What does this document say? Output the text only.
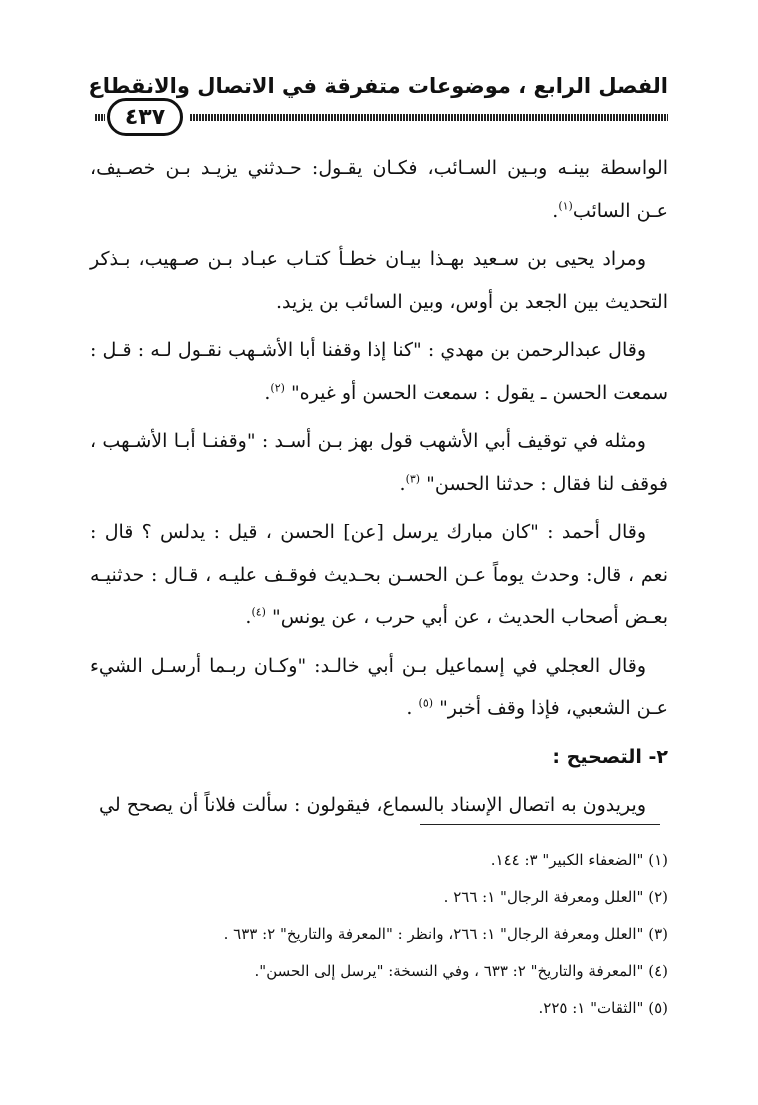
الفصل الرابع ، موضوعات متفرقة في الاتصال والانقطاع
٤٣٧

الواسطة بينـه وبـين السـائب، فكـان يقـول: حـدثني يزيـد بـن خصـيف، عـن السائب$^{(١)}$.

ومراد يحيى بن سـعيد بهـذا بيـان خطـأ كتـاب عبـاد بـن صـهيب، بـذكر التحديث بين الجعد بن أوس، وبين السائب بن يزيد.

وقال عبدالرحمن بن مهدي : "كنا إذا وقفنا أبا الأشـهب نقـول لـه : قـل : سمعت الحسن ـ يقول : سمعت الحسن أو غيره" $^{(٢)}$.

ومثله في توقيف أبي الأشهب قول بهز بـن أسـد : "وقفنـا أبـا الأشـهب ، فوقف لنا فقال : حدثنا الحسن" $^{(٣)}$.

وقال أحمد : "كان مبارك يرسل [عن] الحسن ، قيل : يدلس ؟ قال : نعم ، قال: وحدث يوماً عـن الحسـن بحـديث فوقـف عليـه ، قـال : حدثنيـه بعـض أصحاب الحديث ، عن أبي حرب ، عن يونس" $^{(٤)}$.

وقال العجلي في إسماعيل بـن أبي خالـد: "وكـان ربـما أرسـل الشيء عـن الشعبي، فإذا وقف أخبر" $^{(٥)}$ .

٢- التصحيح :

ويريدون به اتصال الإسناد بالسماع، فيقولون : سألت فلاناً أن يصحح لي

(١) "الضعفاء الكبير" ٣: ١٤٤.
(٢) "العلل ومعرفة الرجال" ١: ٢٦٦ .
(٣) "العلل ومعرفة الرجال" ١: ٢٦٦، وانظر : "المعرفة والتاريخ" ٢: ٦٣٣ .
(٤) "المعرفة والتاريخ" ٢: ٦٣٣ ، وفي النسخة: "يرسل إلى الحسن".
(٥) "الثقات" ١: ٢٢٥.
